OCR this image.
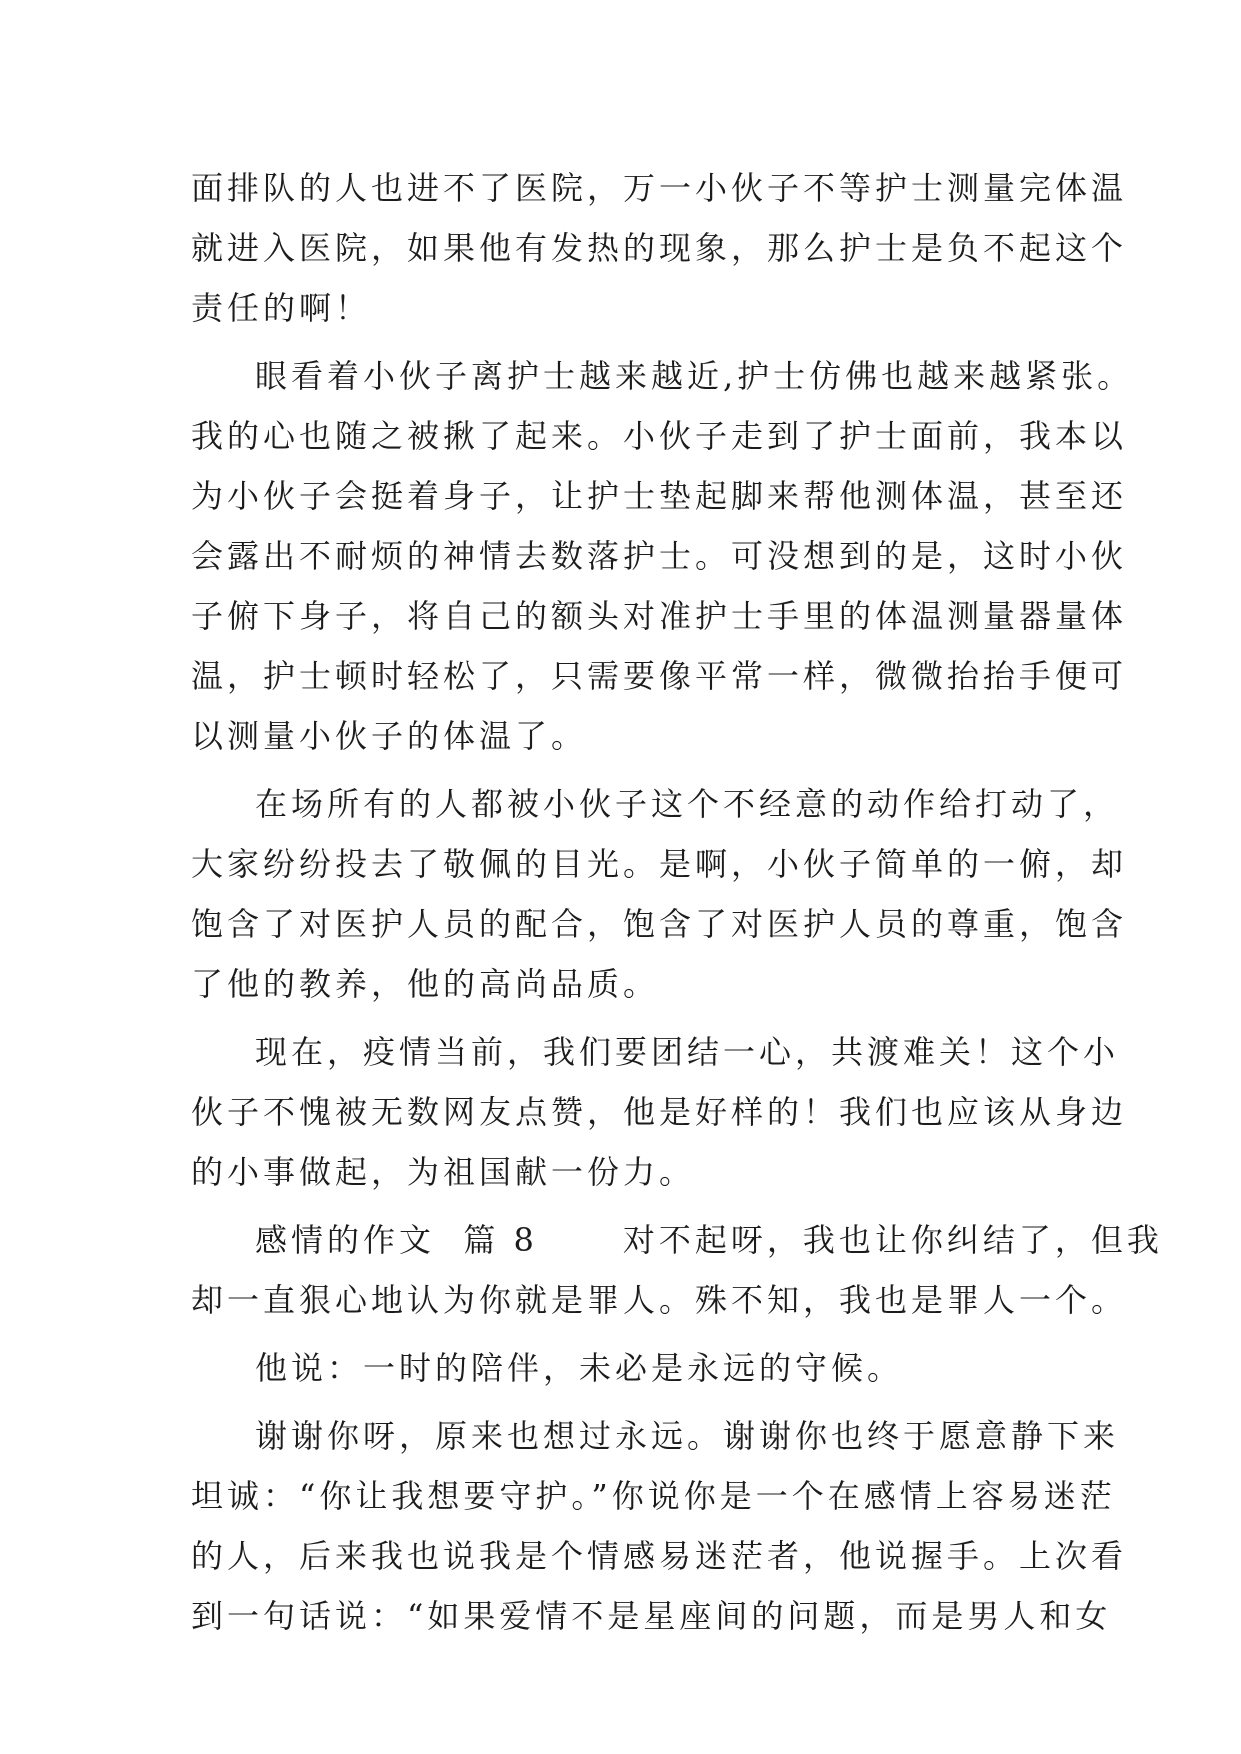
面排队的人也进不了医院，万一小伙子不等护士测量完体温
就进入医院，如果他有发热的现象，那么护士是负不起这个
责任的啊！
眼看着小伙子离护士越来越近,护士仿佛也越来越紧张。
我的心也随之被揪了起来。小伙子走到了护士面前，我本以
为小伙子会挺着身子，让护士垫起脚来帮他测体温，甚至还
会露出不耐烦的神情去数落护士。可没想到的是，这时小伙
子俯下身子，将自己的额头对准护士手里的体温测量器量体
温，护士顿时轻松了，只需要像平常一样，微微抬抬手便可
以测量小伙子的体温了。
在场所有的人都被小伙子这个不经意的动作给打动了，
大家纷纷投去了敬佩的目光。是啊，小伙子简单的一俯，却
饱含了对医护人员的配合，饱含了对医护人员的尊重，饱含
了他的教养，他的高尚品质。
现在，疫情当前，我们要团结一心，共渡难关！这个小
伙子不愧被无数网友点赞，他是好样的！我们也应该从身边
的小事做起，为祖国献一份力。
感情的作文  篇 8      对不起呀，我也让你纠结了，但我
却一直狠心地认为你就是罪人。殊不知，我也是罪人一个。
他说：一时的陪伴，未必是永远的守候。
谢谢你呀，原来也想过永远。谢谢你也终于愿意静下来
坦诚：“你让我想要守护。”你说你是一个在感情上容易迷茫
的人，后来我也说我是个情感易迷茫者，他说握手。上次看
到一句话说：“如果爱情不是星座间的问题，而是男人和女
